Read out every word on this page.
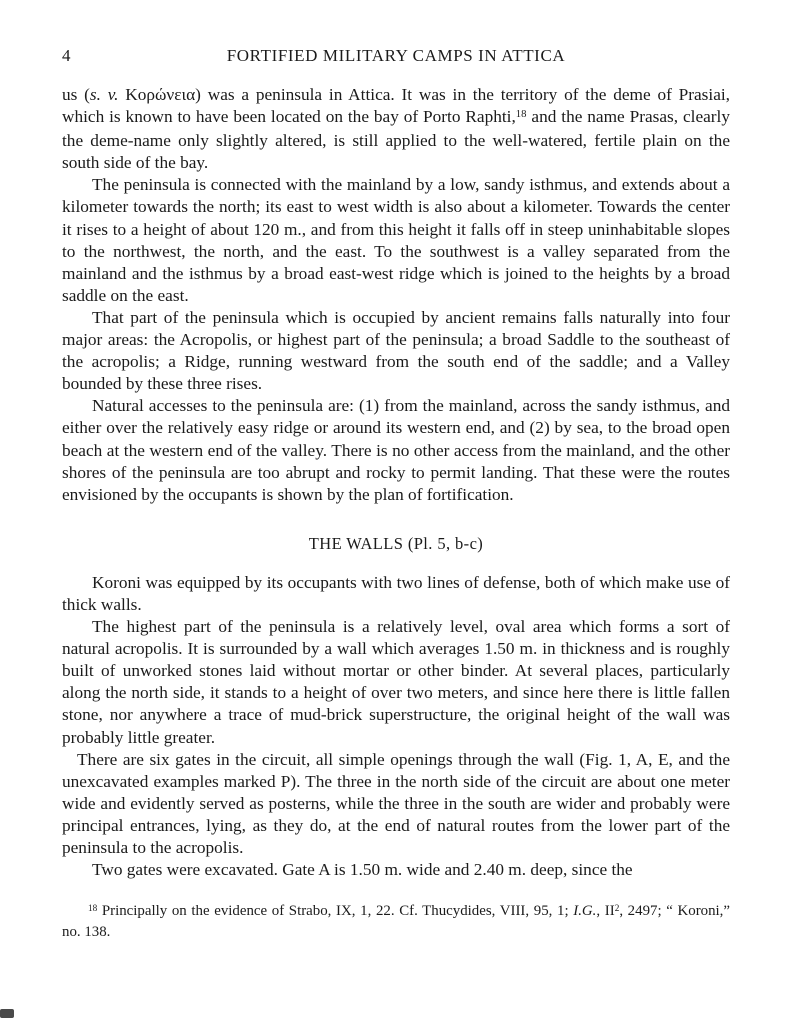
4	FORTIFIED MILITARY CAMPS IN ATTICA

us (s. v. Κορώνεια) was a peninsula in Attica. It was in the territory of the deme of Prasiai, which is known to have been located on the bay of Porto Raphti,$^{18}$ and the name Prasas, clearly the deme-name only slightly altered, is still applied to the well-watered, fertile plain on the south side of the bay.

The peninsula is connected with the mainland by a low, sandy isthmus, and extends about a kilometer towards the north; its east to west width is also about a kilometer. Towards the center it rises to a height of about 120 m., and from this height it falls off in steep uninhabitable slopes to the northwest, the north, and the east. To the southwest is a valley separated from the mainland and the isthmus by a broad east-west ridge which is joined to the heights by a broad saddle on the east.

That part of the peninsula which is occupied by ancient remains falls naturally into four major areas: the Acropolis, or highest part of the peninsula; a broad Saddle to the southeast of the acropolis; a Ridge, running westward from the south end of the saddle; and a Valley bounded by these three rises.

Natural accesses to the peninsula are: (1) from the mainland, across the sandy isthmus, and either over the relatively easy ridge or around its western end, and (2) by sea, to the broad open beach at the western end of the valley. There is no other access from the mainland, and the other shores of the peninsula are too abrupt and rocky to permit landing. That these were the routes envisioned by the occupants is shown by the plan of fortification.

THE WALLS (Pl. 5, b-c)

Koroni was equipped by its occupants with two lines of defense, both of which make use of thick walls.

The highest part of the peninsula is a relatively level, oval area which forms a sort of natural acropolis. It is surrounded by a wall which averages 1.50 m. in thickness and is roughly built of unworked stones laid without mortar or other binder. At several places, particularly along the north side, it stands to a height of over two meters, and since here there is little fallen stone, nor anywhere a trace of mud-brick superstructure, the original height of the wall was probably little greater.

There are six gates in the circuit, all simple openings through the wall (Fig. 1, A, E, and the unexcavated examples marked P). The three in the north side of the circuit are about one meter wide and evidently served as posterns, while the three in the south are wider and probably were principal entrances, lying, as they do, at the end of natural routes from the lower part of the peninsula to the acropolis.

Two gates were excavated. Gate A is 1.50 m. wide and 2.40 m. deep, since the

$^{18}$ Principally on the evidence of Strabo, IX, 1, 22. Cf. Thucydides, VIII, 95, 1; I.G., $II^2$, 2497; “ Koroni,” no. 138.
